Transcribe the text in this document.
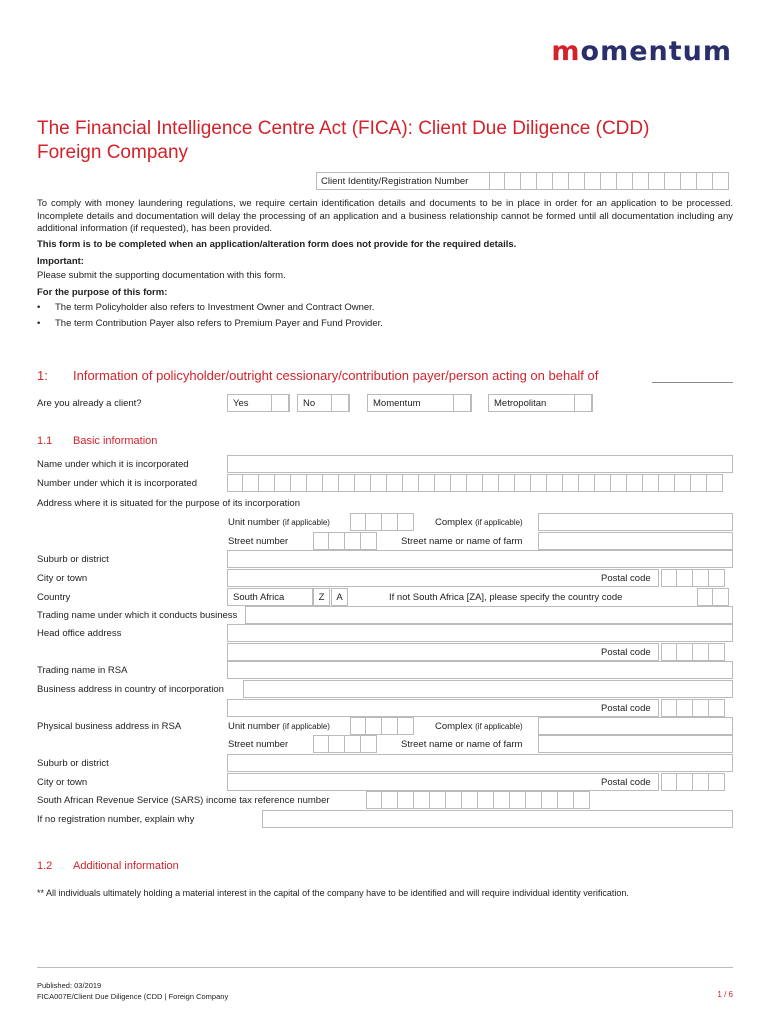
momentum
The Financial Intelligence Centre Act (FICA): Client Due Diligence (CDD)
Foreign Company
Client Identity/Registration Number
To comply with money laundering regulations, we require certain identification details and documents to be in place in order for an application to be processed. Incomplete details and documentation will delay the processing of an application and a business relationship cannot be formed until all documentation including any additional information (if requested), has been provided.
This form is to be completed when an application/alteration form does not provide for the required details.
Important:
Please submit the supporting documentation with this form.
For the purpose of this form:
• The term Policyholder also refers to Investment Owner and Contract Owner.
• The term Contribution Payer also refers to Premium Payer and Fund Provider.
1: Information of policyholder/outright cessionary/contribution payer/person acting on behalf of
Are you already a client?	Yes	No	Momentum	Metropolitan
1.1 Basic information
Name under which it is incorporated
Number under which it is incorporated
Address where it is situated for the purpose of its incorporation
Unit number (if applicable)	Complex (if applicable)
Street number	Street name or name of farm
Suburb or district
City or town	Postal code
Country	South Africa	Z	A	If not South Africa [ZA], please specify the country code
Trading name under which it conducts business
Head office address
Postal code
Trading name in RSA
Business address in country of incorporation
Postal code
Physical business address in RSA	Unit number (if applicable)	Complex (if applicable)
Street number	Street name or name of farm
Suburb or district
City or town	Postal code
South African Revenue Service (SARS) income tax reference number
If no registration number, explain why
1.2 Additional information
** All individuals ultimately holding a material interest in the capital of the company have to be identified and will require individual identity verification.
Published: 03/2019
FICA007E/Client Due Diligence (CDD | Foreign Company	1 / 6
